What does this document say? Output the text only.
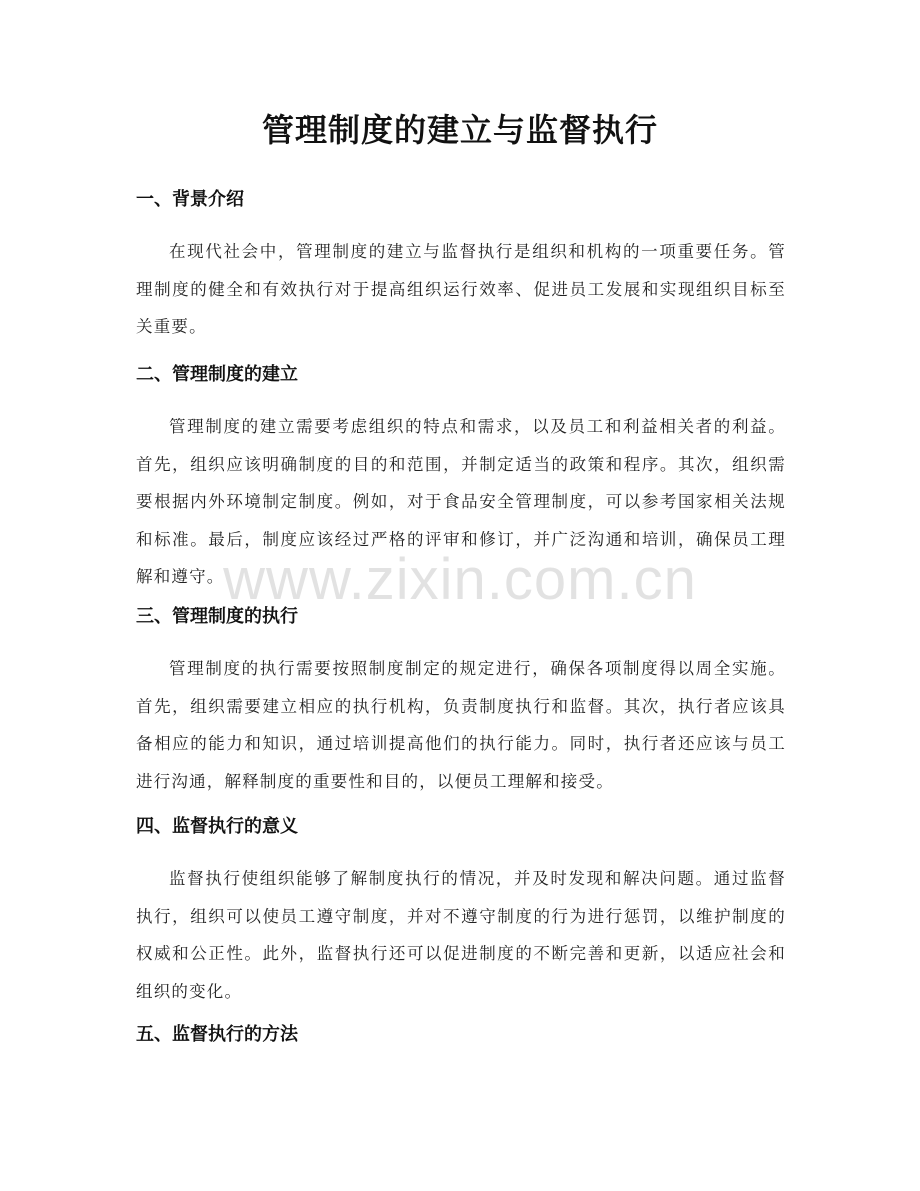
管理制度的建立与监督执行
一、背景介绍

在现代社会中，管理制度的建立与监督执行是组织和机构的一项重要任务。管理制度的健全和有效执行对于提高组织运行效率、促进员工发展和实现组织目标至关重要。

二、管理制度的建立

管理制度的建立需要考虑组织的特点和需求，以及员工和利益相关者的利益。首先，组织应该明确制度的目的和范围，并制定适当的政策和程序。其次，组织需要根据内外环境制定制度。例如，对于食品安全管理制度，可以参考国家相关法规和标准。最后，制度应该经过严格的评审和修订，并广泛沟通和培训，确保员工理解和遵守。

三、管理制度的执行

管理制度的执行需要按照制度制定的规定进行，确保各项制度得以周全实施。首先，组织需要建立相应的执行机构，负责制度执行和监督。其次，执行者应该具备相应的能力和知识，通过培训提高他们的执行能力。同时，执行者还应该与员工进行沟通，解释制度的重要性和目的，以便员工理解和接受。

四、监督执行的意义

监督执行使组织能够了解制度执行的情况，并及时发现和解决问题。通过监督执行，组织可以使员工遵守制度，并对不遵守制度的行为进行惩罚，以维护制度的权威和公正性。此外，监督执行还可以促进制度的不断完善和更新，以适应社会和组织的变化。

五、监督执行的方法
www.zixin.com.cn
